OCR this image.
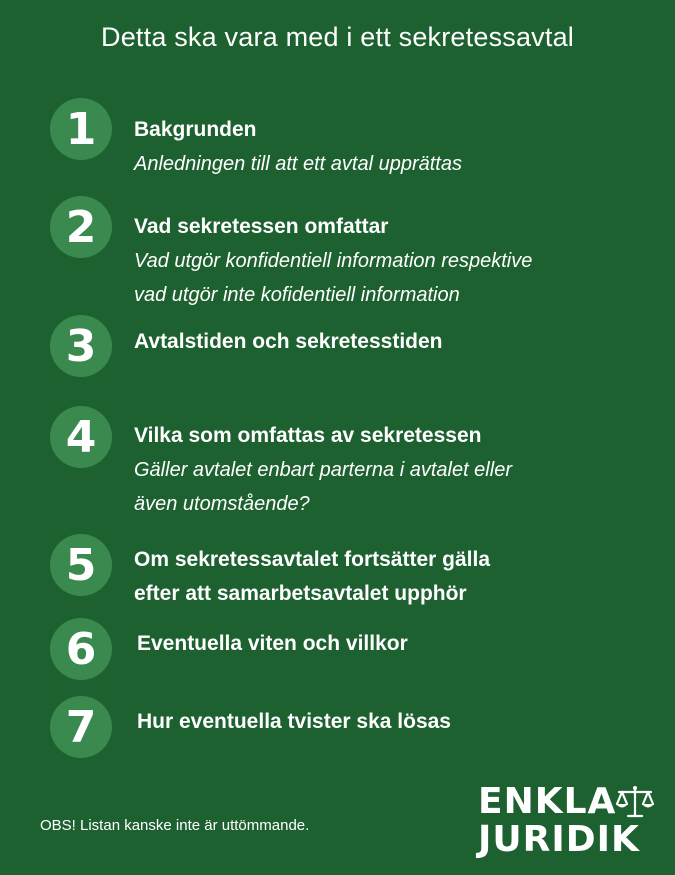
Detta ska vara med i ett sekretessavtal
1	Bakgrunden
Anledningen till att ett avtal upprättas
2	Vad sekretessen omfattar
Vad utgör konfidentiell information respektive
vad utgör inte kofidentiell information
3	Avtalstiden och sekretesstiden
4	Vilka som omfattas av sekretessen
Gäller avtalet enbart parterna i avtalet eller
även utomstående?
5	Om sekretessavtalet fortsätter gälla
efter att samarbetsavtalet upphör
6	Eventuella viten och villkor
7	Hur eventuella tvister ska lösas
OBS! Listan kanske inte är uttömmande.
ENKLA
JURIDIK
